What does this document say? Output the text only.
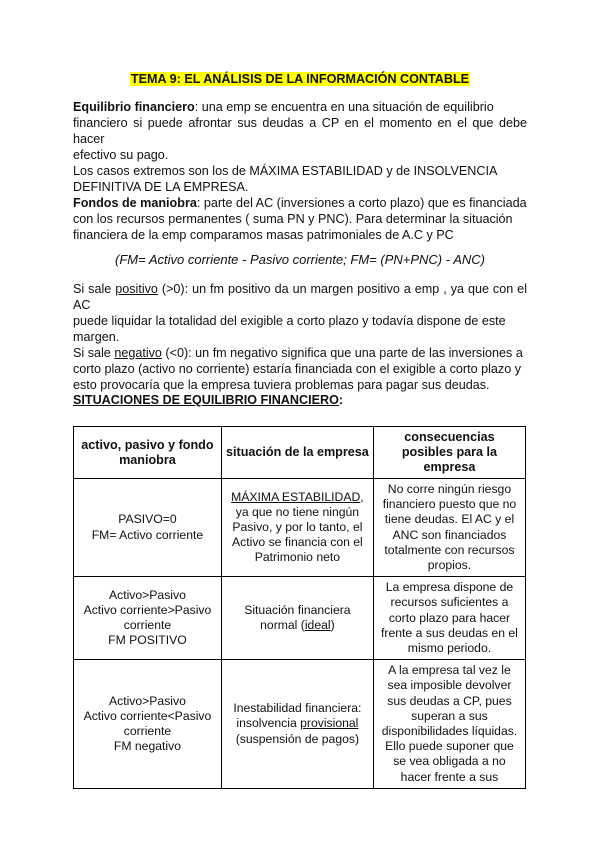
TEMA 9: EL ANÁLISIS DE LA INFORMACIÓN CONTABLE

Equilibrio financiero: una emp se encuentra en una situación de equilibrio
financiero si puede afrontar sus deudas a CP en el momento en el que debe hacer
efectivo su pago.
Los casos extremos son los de MÁXIMA ESTABILIDAD y de INSOLVENCIA
DEFINITIVA DE LA EMPRESA.

Fondos de maniobra: parte del AC (inversiones a corto plazo) que es financiada
con los recursos permanentes ( suma PN y PNC). Para determinar la situación
financiera de la emp comparamos masas patrimoniales de A.C y PC

(FM= Activo corriente - Pasivo corriente; FM= (PN+PNC) - ANC)

Si sale positivo (>0): un fm positivo da un margen positivo a emp , ya que con el AC
puede liquidar la totalidad del exigible a corto plazo y todavía dispone de este
margen.
Si sale negativo (<0): un fm negativo significa que una parte de las inversiones a
corto plazo (activo no corriente) estaría financiada con el exigible a corto plazo y
esto provocaría que la empresa tuviera problemas para pagar sus deudas.

SITUACIONES DE EQUILIBRIO FINANCIERO:
activo, pasivo y fondo maniobra	situación de la empresa	consecuencias posibles para la empresa

PASIVO=0
FM= Activo corriente	MÁXIMA ESTABILIDAD, ya que no tiene ningún Pasivo, y por lo tanto, el Activo se financia con el Patrimonio neto	No corre ningún riesgo financiero puesto que no tiene deudas. El AC y el ANC son financiados totalmente con recursos propios.

Activo>Pasivo
Activo corriente>Pasivo corriente
FM POSITIVO	Situación financiera normal (ideal)	La empresa dispone de recursos suficientes a corto plazo para hacer frente a sus deudas en el mismo periodo.

Activo>Pasivo
Activo corriente<Pasivo corriente
FM negativo	Inestabilidad financiera: insolvencia provisional (suspensión de pagos)	A la empresa tal vez le sea imposible devolver sus deudas a CP, pues superan a sus disponibilidades líquidas. Ello puede suponer que se vea obligada a no hacer frente a sus
